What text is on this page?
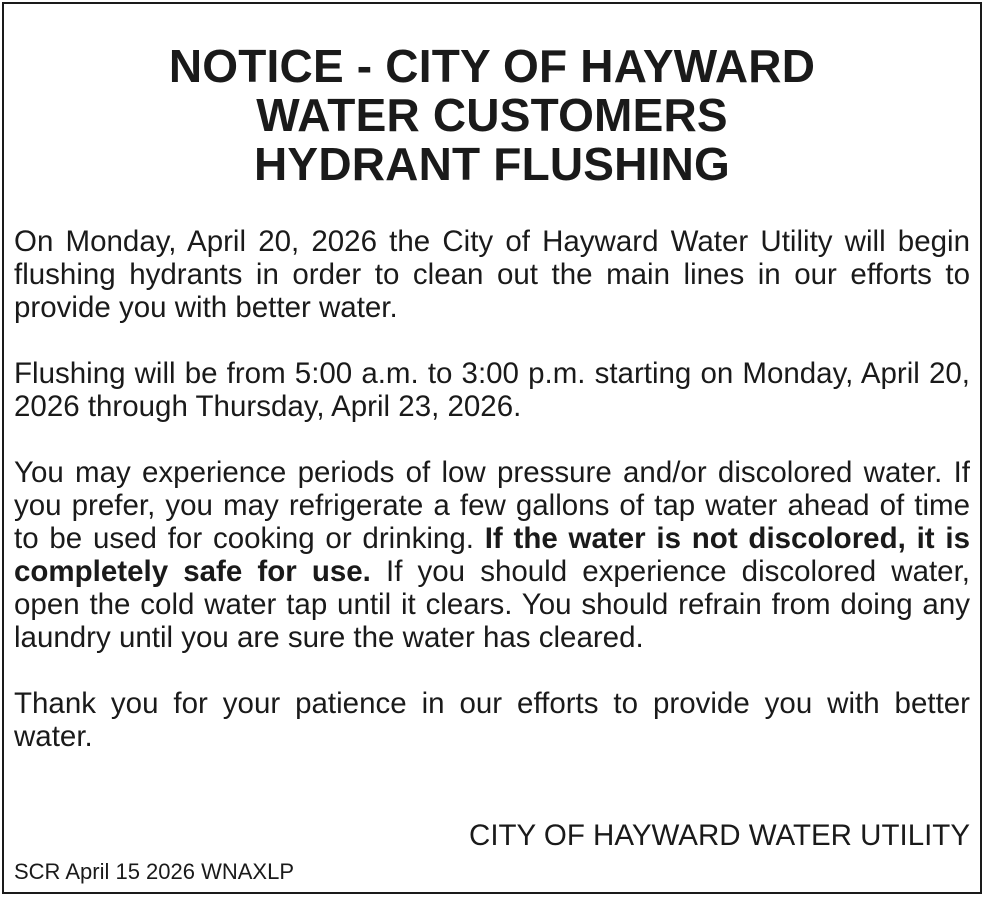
NOTICE - CITY OF HAYWARD
WATER CUSTOMERS
HYDRANT FLUSHING

On Monday, April 20, 2026 the City of Hayward Water Utility will begin flushing hydrants in order to clean out the main lines in our efforts to provide you with better water.

Flushing will be from 5:00 a.m. to 3:00 p.m. starting on Monday, April 20, 2026 through Thursday, April 23, 2026.

You may experience periods of low pressure and/or discolored water. If you prefer, you may refrigerate a few gallons of tap water ahead of time to be used for cooking or drinking. If the water is not discolored, it is completely safe for use. If you should experience discolored water, open the cold water tap until it clears. You should refrain from doing any laundry until you are sure the water has cleared.

Thank you for your patience in our efforts to provide you with better water.

CITY OF HAYWARD WATER UTILITY
SCR April 15 2026 WNAXLP
